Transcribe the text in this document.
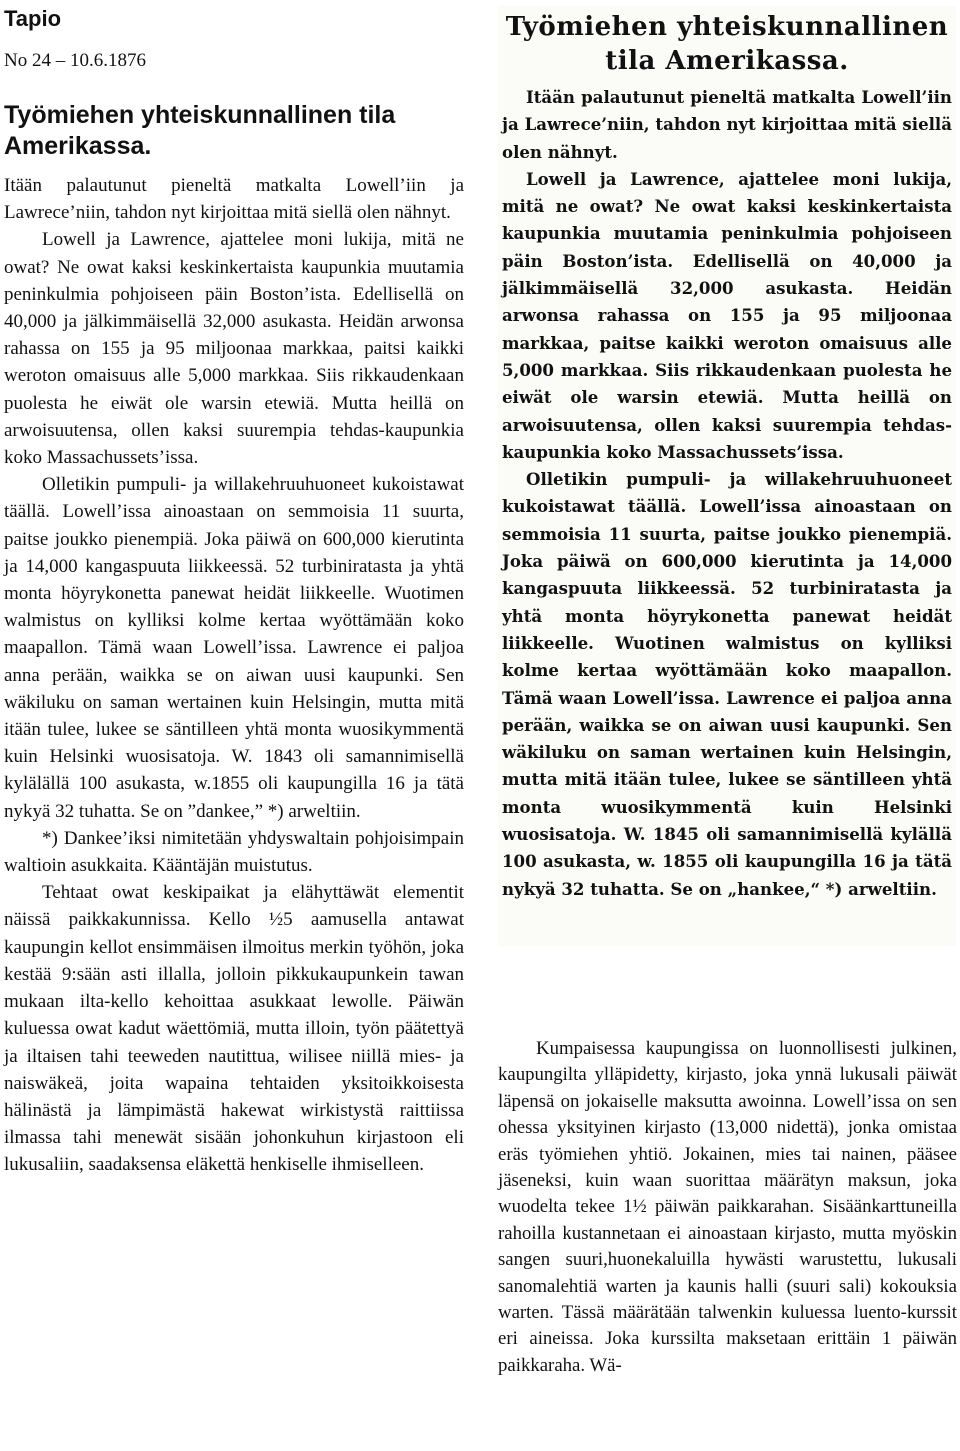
Tapio
No 24 – 10.6.1876
Työmiehen yhteiskunnallinen tila Amerikassa.

Itään palautunut pieneltä matkalta Lowell’iin ja Lawrece’niin, tahdon nyt kirjoittaa mitä siellä olen nähnyt.

Lowell ja Lawrence, ajattelee moni lukija, mitä ne owat? Ne owat kaksi keskinkertaista kaupunkia muutamia peninkulmia pohjoiseen päin Boston’ista. Edellisellä on 40,000 ja jälkimmäisellä 32,000 asukasta. Heidän arwonsa rahassa on 155 ja 95 miljoonaa markkaa, paitsi kaikki weroton omaisuus alle 5,000 markkaa. Siis rikkaudenkaan puolesta he eiwät ole warsin etewiä. Mutta heillä on arwoisuutensa, ollen kaksi suurempia tehdas-kaupunkia koko Massachussets’issa.

Olletikin pumpuli- ja willakehruuhuoneet kukoistawat täällä. Lowell’issa ainoastaan on semmoisia 11 suurta, paitse joukko pienempiä. Joka päiwä on 600,000 kierutinta ja 14,000 kangaspuuta liikkeessä. 52 turbiniratasta ja yhtä monta höyrykonetta panewat heidät liikkeelle. Wuotimen walmistus on kylliksi kolme kertaa wyöttämään koko maapallon. Tämä waan Lowell’issa. Lawrence ei paljoa anna perään, waikka se on aiwan uusi kaupunki. Sen wäkiluku on saman wertainen kuin Helsingin, mutta mitä itään tulee, lukee se säntilleen yhtä monta wuosikymmentä kuin Helsinki wuosisatoja. W. 1843 oli samannimisellä kylälällä 100 asukasta, w.1855 oli kaupungilla 16 ja tätä nykyä 32 tuhatta. Se on ”dankee,” *) arweltiin.

*) Dankee’iksi nimitetään yhdyswaltain pohjoisimpain waltioin asukkaita. Kääntäjän muistutus.

Tehtaat owat keskipaikat ja elähyttäwät elementit näissä paikkakunnissa. Kello ½5 aamusella antawat kaupungin kellot ensimmäisen ilmoitus merkin työhön, joka kestää 9:sään asti illalla, jolloin pikkukaupunkein tawan mukaan ilta-kello kehoittaa asukkaat lewolle. Päiwän kuluessa owat kadut wäettömiä, mutta illoin, työn päätettyä ja iltaisen tahi teeweden nautittua, wilisee niillä mies- ja naiswäkeä, joita wapaina tehtaiden yksitoikkoisesta hälinästä ja lämpimästä hakewat wirkistystä raittiissa ilmassa tahi menewät sisään johonkuhun kirjastoon eli lukusaliin, saadaksensa eläkettä henkiselle ihmiselleen.

Työmiehen yhteiskunnallinen tila Amerikassa.

Itään palautunut pieneltä matkalta Lowell’iin ja Lawrece’niin, tahdon nyt kirjoittaa mitä siellä olen nähnyt.

Lowell ja Lawrence, ajattelee moni lukija, mitä ne owat? Ne owat kaksi keskinkertaista kaupunkia muutamia peninkulmia pohjoiseen päin Boston’ista. Edellisellä on 40,000 ja jälkimmäisellä 32,000 asukasta. Heidän arwonsa rahassa on 155 ja 95 miljoonaa markkaa, paitse kaikki weroton omaisuus alle 5,000 markkaa. Siis rikkaudenkaan puolesta he eiwät ole warsin etewiä. Mutta heillä on arwoisuutensa, ollen kaksi suurempia tehdas-kaupunkia koko Massachussets’issa.

Olletikin pumpuli- ja willakehruuhuoneet kukoistawat täällä. Lowell’issa ainoastaan on semmoisia 11 suurta, paitse joukko pienempiä. Joka päiwä on 600,000 kierutinta ja 14,000 kangaspuuta liikkeessä. 52 turbiniratasta ja yhtä monta höyrykonetta panewat heidät liikkeelle. Wuotinen walmistus on kylliksi kolme kertaa wyöttämään koko maapallon. Tämä waan Lowell’issa. Lawrence ei paljoa anna perään, waikka se on aiwan uusi kaupunki. Sen wäkiluku on saman wertainen kuin Helsingin, mutta mitä itään tulee, lukee se säntilleen yhtä monta wuosikymmentä kuin Helsinki wuosisatoja. W. 1845 oli samannimisellä kylällä 100 asukasta, w. 1855 oli kaupungilla 16 ja tätä nykyä 32 tuhatta. Se on „hankee,“ *) arweltiin.

Kumpaisessa kaupungissa on luonnollisesti julkinen, kaupungilta ylläpidetty, kirjasto, joka ynnä lukusali päiwät läpensä on jokaiselle maksutta awoinna. Lowell’issa on sen ohessa yksityinen kirjasto (13,000 nidettä), jonka omistaa eräs työmiehen yhtiö. Jokainen, mies tai nainen, pääsee jäseneksi, kuin waan suorittaa määrätyn maksun, joka wuodelta tekee 1½ päiwän paikkarahan. Sisäänkarttuneilla rahoilla kustannetaan ei ainoastaan kirjasto, mutta myöskin sangen suuri,huonekaluilla hywästi warustettu, lukusali sanomalehtiä warten ja kaunis halli (suuri sali) kokouksia warten. Tässä määrätään talwenkin kuluessa luento-kurssit eri aineissa. Joka kurssilta maksetaan erittäin 1 päiwän paikkaraha. Wä-
